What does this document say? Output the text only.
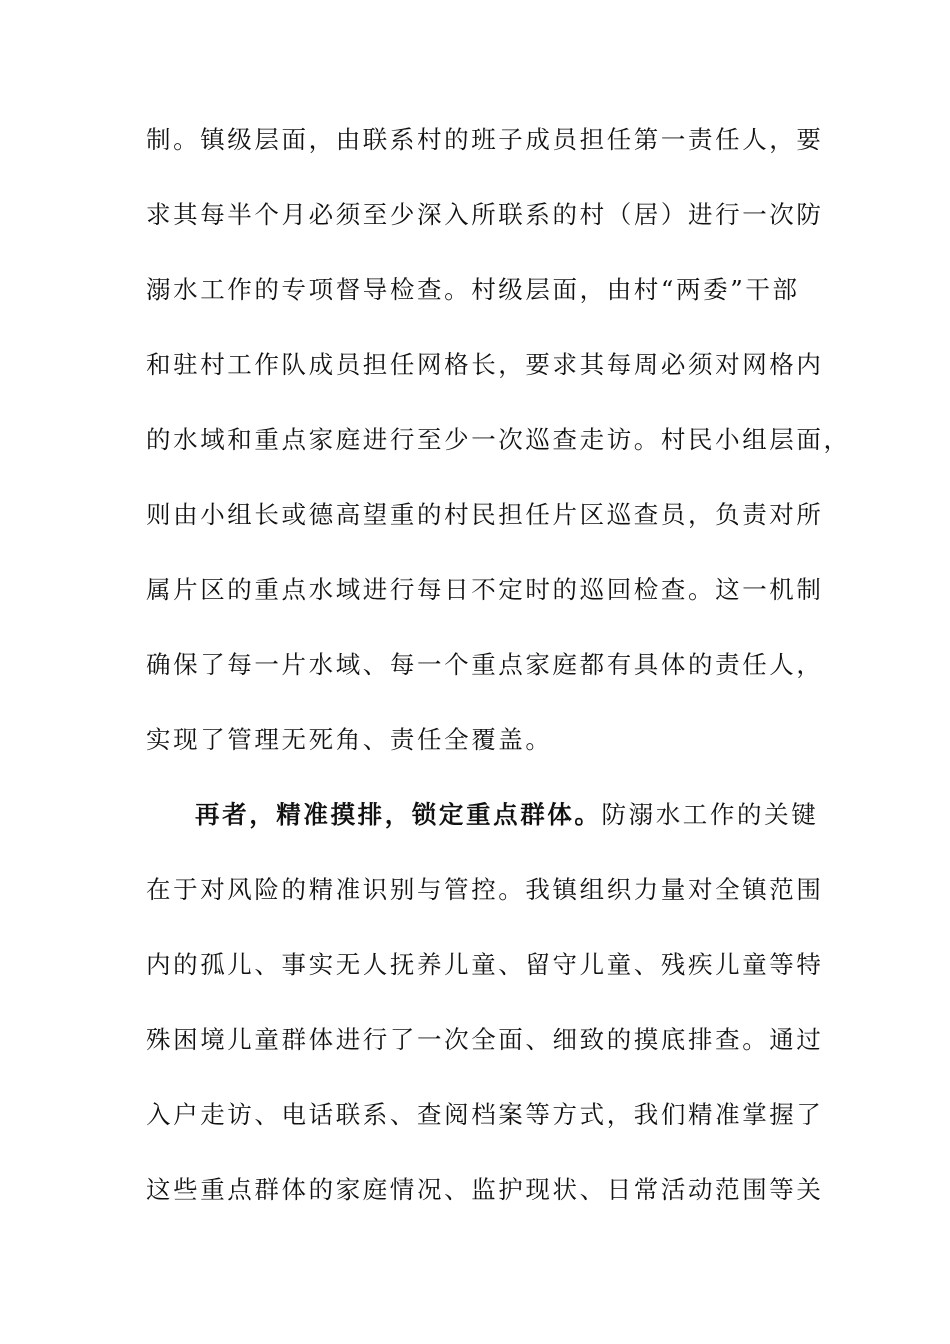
制。镇级层面，由联系村的班子成员担任第一责任人，要
求其每半个月必须至少深入所联系的村（居）进行一次防
溺水工作的专项督导检查。村级层面，由村“两委”干部
和驻村工作队成员担任网格长，要求其每周必须对网格内
的水域和重点家庭进行至少一次巡查走访。村民小组层面，
则由小组长或德高望重的村民担任片区巡查员，负责对所
属片区的重点水域进行每日不定时的巡回检查。这一机制
确保了每一片水域、每一个重点家庭都有具体的责任人，
实现了管理无死角、责任全覆盖。
再者，精准摸排，锁定重点群体。防溺水工作的关键
在于对风险的精准识别与管控。我镇组织力量对全镇范围
内的孤儿、事实无人抚养儿童、留守儿童、残疾儿童等特
殊困境儿童群体进行了一次全面、细致的摸底排查。通过
入户走访、电话联系、查阅档案等方式，我们精准掌握了
这些重点群体的家庭情况、监护现状、日常活动范围等关
